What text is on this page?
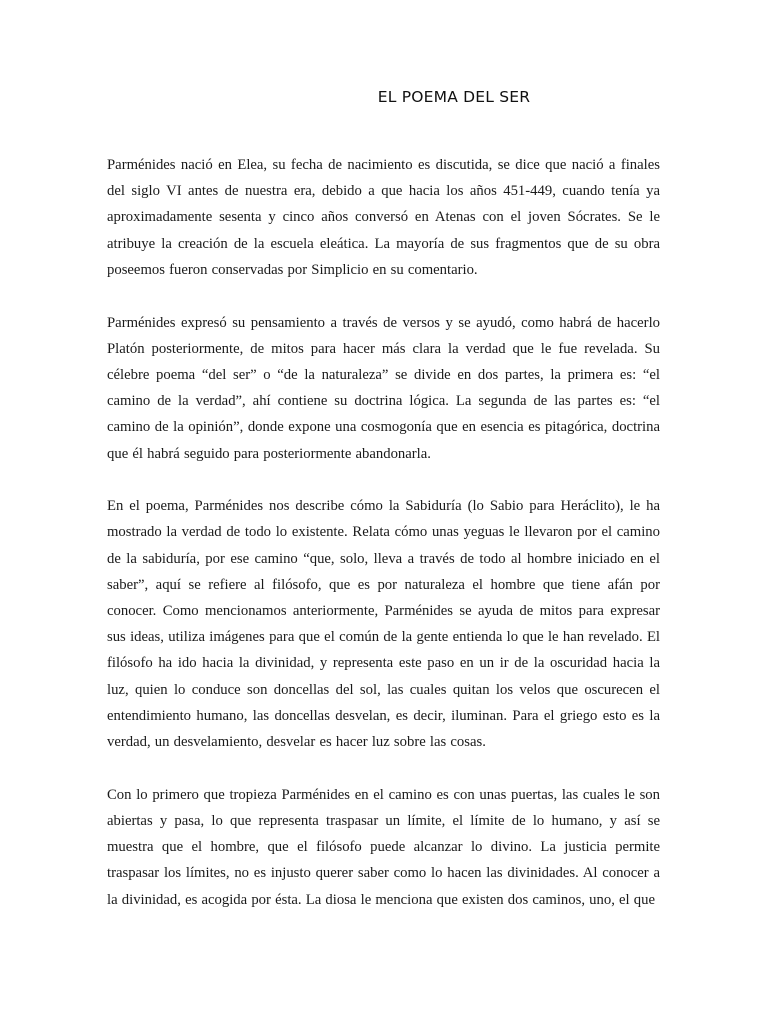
EL POEMA DEL SER

Parménides nació en Elea, su fecha de nacimiento es discutida, se dice que nació a finales del siglo VI antes de nuestra era, debido a que hacia los años 451-449, cuando tenía ya aproximadamente sesenta y cinco años conversó en Atenas con el joven Sócrates. Se le atribuye la creación de la escuela eleática. La mayoría de sus fragmentos que de su obra poseemos fueron conservadas por Simplicio en su comentario.

Parménides expresó su pensamiento a través de versos y se ayudó, como habrá de hacerlo Platón posteriormente, de mitos para hacer más clara la verdad que le fue revelada. Su célebre poema “del ser” o “de la naturaleza” se divide en dos partes, la primera es: “el camino de la verdad”, ahí contiene su doctrina lógica. La segunda de las partes es: “el camino de la opinión”, donde expone una cosmogonía que en esencia es pitagórica, doctrina que él habrá seguido para posteriormente abandonarla.

En el poema, Parménides nos describe cómo la Sabiduría (lo Sabio para Heráclito), le ha mostrado la verdad de todo lo existente. Relata cómo unas yeguas le llevaron por el camino de la sabiduría, por ese camino “que, solo, lleva a través de todo al hombre iniciado en el saber”, aquí se refiere al filósofo, que es por naturaleza el hombre que tiene afán por conocer. Como mencionamos anteriormente, Parménides se ayuda de mitos para expresar sus ideas, utiliza imágenes para que el común de la gente entienda lo que le han revelado. El filósofo ha ido hacia la divinidad, y representa este paso en un ir de la oscuridad hacia la luz, quien lo conduce son doncellas del sol, las cuales quitan los velos que oscurecen el entendimiento humano, las doncellas desvelan, es decir, iluminan. Para el griego esto es la verdad, un desvelamiento, desvelar es hacer luz sobre las cosas.

Con lo primero que tropieza Parménides en el camino es con unas puertas, las cuales le son abiertas y pasa, lo que representa traspasar un límite, el límite de lo humano, y así se muestra que el hombre, que el filósofo puede alcanzar lo divino. La justicia permite traspasar los límites, no es injusto querer saber como lo hacen las divinidades. Al conocer a la divinidad, es acogida por ésta. La diosa le menciona que existen dos caminos, uno, el que
